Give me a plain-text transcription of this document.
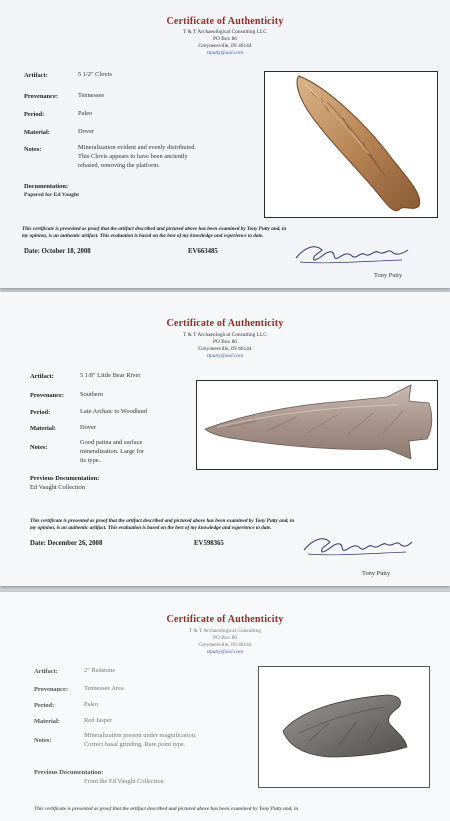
Certificate of Authenticity
T & T Archaeological Consulting LLC
PO Box 86
Greyneesville, IN 46144
ttputty@aol.com
Artifact:	5 1/2" Clovis
Provenance:	Tennessee
Period:	Paleo
Material:	Dover
Notes:	Mineralization evident and evenly distributed.
This Clovis appears to have been anciently
rebased, removing the platform.
Documentation:
Papered for Ed Vaught
This certificate is presented as proof that the artifact described and pictured above has been examined by Tony Putty and, in
my opinion, is an authentic artifact. This evaluation is based on the best of my knowledge and experience to date.
Date: October 18, 2008	EV663485
Tony Putty
Certificate of Authenticity
T & T Archaeological Consulting LLC
PO Box 86
Greyneesville, IN 46144
ttputty@aol.com
Artifact:	5 1/8" Little Bear River
Provenance:	Southern
Period:	Late Archaic to Woodland
Material:	Dover
Notes:
Good patina and surface
mineralization. Large for
its type.
Previous Documentation:
Ed Vaught Collection
This certificate is presented as proof that the artifact described and pictured above has been examined by Tony Putty and, in
my opinion, is an authentic artifact. This evaluation is based on the best of my knowledge and experience to date.
Date: December 26, 2008	EV598365
Tony Putty
Certificate of Authenticity
T & T Archaeological Consulting
PO Box 86
Greyneesville, IN 46144
ttputty@aol.com
Artifact:	2" Redstone
Provenance:	Tennessee Area
Period:	Paleo
Material:	Red Jasper
Notes:
Mineralization present under magnification.
Correct basal grinding. Rare point type.
Previous Documentation:
From the Ed Vaught Collection
This certificate is presented as proof that the artifact described and pictured above has been examined by Tony Putty and, in
